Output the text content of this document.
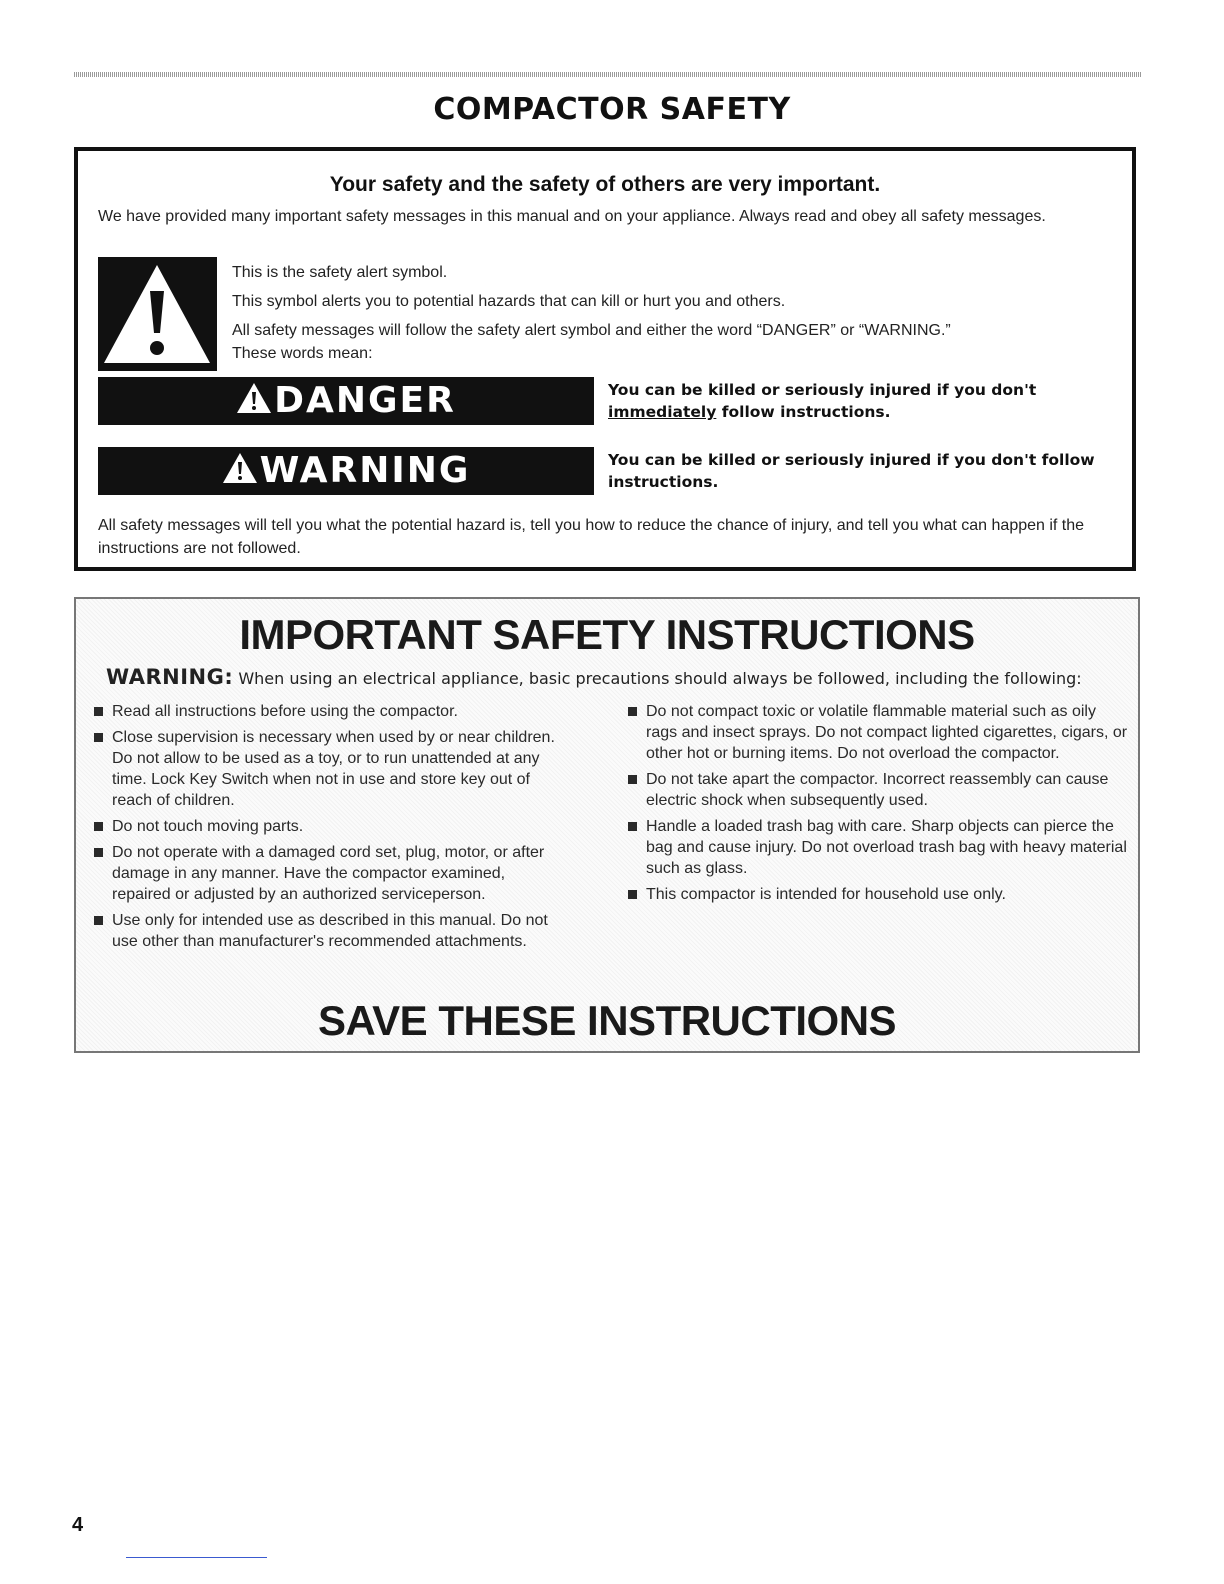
COMPACTOR SAFETY
Your safety and the safety of others are very important.
We have provided many important safety messages in this manual and on your appliance. Always read and obey all safety messages.
This is the safety alert symbol.
This symbol alerts you to potential hazards that can kill or hurt you and others.
All safety messages will follow the safety alert symbol and either the word “DANGER” or “WARNING.”
These words mean:
DANGER	You can be killed or seriously injured if you don't immediately follow instructions.
WARNING	You can be killed or seriously injured if you don't follow instructions.
All safety messages will tell you what the potential hazard is, tell you how to reduce the chance of injury, and tell you what can happen if the instructions are not followed.
IMPORTANT SAFETY INSTRUCTIONS
WARNING: When using an electrical appliance, basic precautions should always be followed, including the following:
Read all instructions before using the compactor.
Close supervision is necessary when used by or near children. Do not allow to be used as a toy, or to run unattended at any time. Lock Key Switch when not in use and store key out of reach of children.
Do not touch moving parts.
Do not operate with a damaged cord set, plug, motor, or after damage in any manner. Have the compactor examined, repaired or adjusted by an authorized serviceperson.
Use only for intended use as described in this manual. Do not use other than manufacturer's recommended attachments.
Do not compact toxic or volatile flammable material such as oily rags and insect sprays. Do not compact lighted cigarettes, cigars, or other hot or burning items. Do not overload the compactor.
Do not take apart the compactor. Incorrect reassembly can cause electric shock when subsequently used.
Handle a loaded trash bag with care. Sharp objects can pierce the bag and cause injury. Do not overload trash bag with heavy material such as glass.
This compactor is intended for household use only.
SAVE THESE INSTRUCTIONS
4
